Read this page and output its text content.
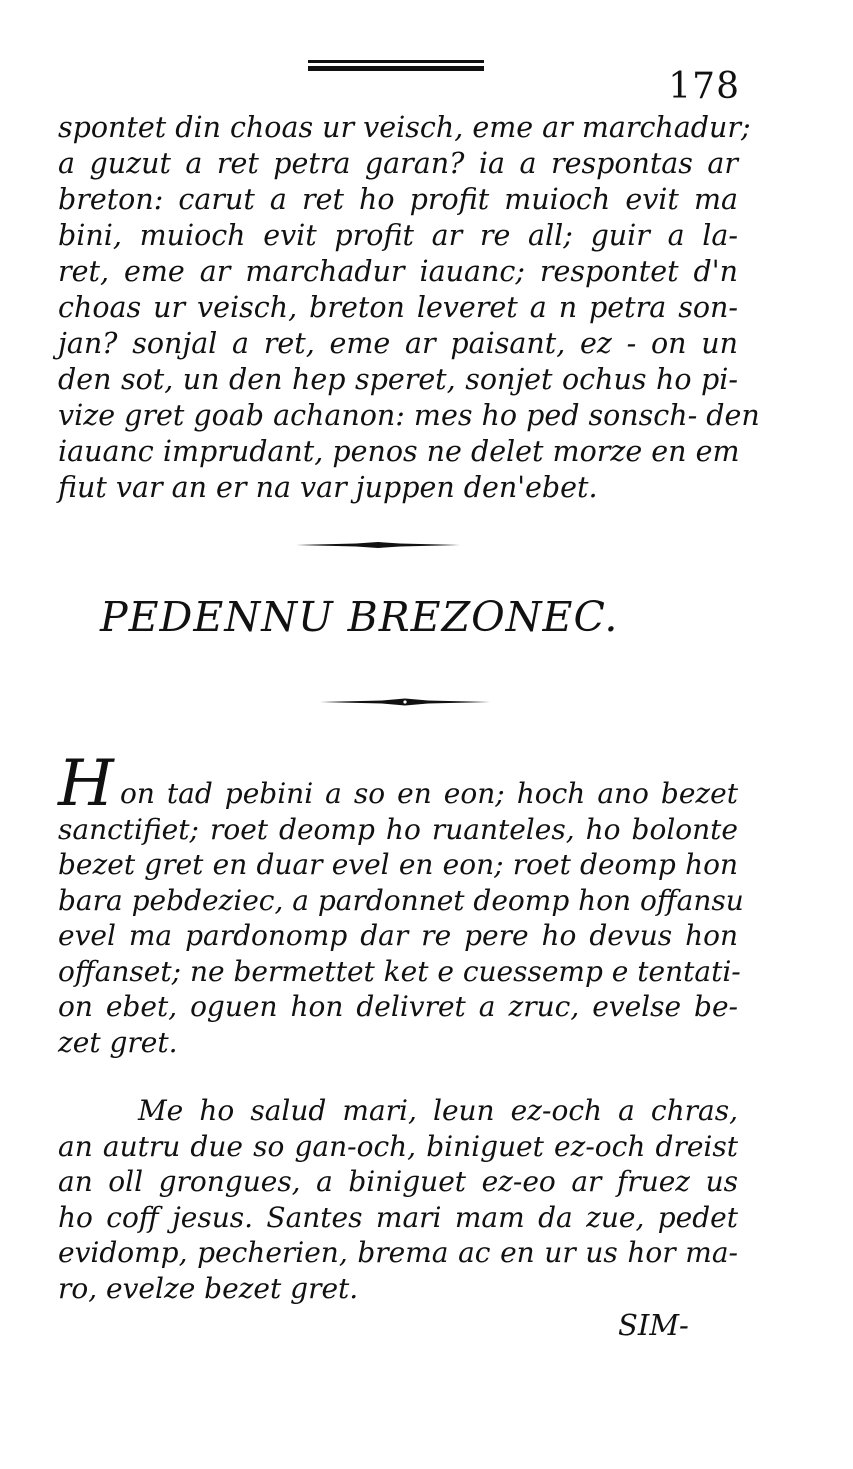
178
spontet din choas ur veisch, eme ar marchadur;
a guzut a ret petra garan? ia a respontas ar
breton: carut a ret ho profit muioch evit ma
bini, muioch evit profit ar re all; guir a la-
ret, eme ar marchadur iauanc; respontet d'n
choas ur veisch, breton leveret a n petra son-
jan? sonjal a ret, eme ar paisant, ez - on un
den sot, un den hep speret, sonjet ochus ho pi-
vize gret goab achanon: mes ho ped sonsch- den
iauanc imprudant, penos ne delet morze en em
fiut var an er na var juppen den'ebet.
PEDENNU BREZONEC.
H on tad pebini a so en eon; hoch ano bezet
sanctifiet; roet deomp ho ruanteles, ho bolonte
bezet gret en duar evel en eon; roet deomp hon
bara pebdeziec, a pardonnet deomp hon offansu
evel ma pardonomp dar re pere ho devus hon
offanset; ne bermettet ket e cuessemp e tentati-
on ebet, oguen hon delivret a zruc, evelse be-
zet gret.
Me ho salud mari, leun ez-och a chras,
an autru due so gan-och, biniguet ez-och dreist
an oll grongues, a biniguet ez-eo ar fruez us
ho coff jesus. Santes mari mam da zue, pedet
evidomp, pecherien, brema ac en ur us hor ma-
ro, evelze bezet gret.
SIM-
